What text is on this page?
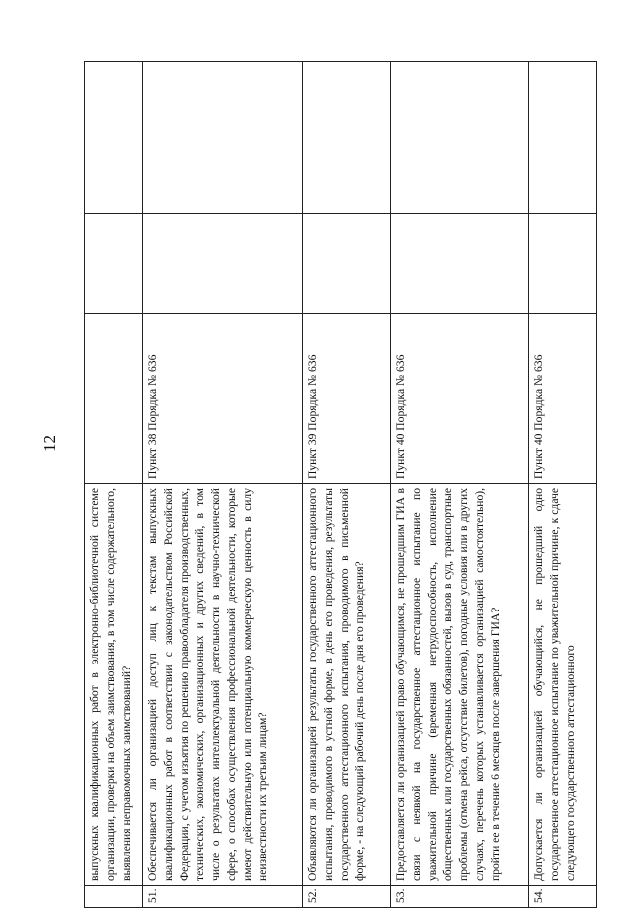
12
	выпускных квалификационных работ в электронно-библиотечной системе организации, проверки на объем заимствования, в том числе содержательного, выявления неправомочных заимствований?			
51.	Обеспечивается ли организацией доступ лиц к текстам выпускных квалификационных работ в соответствии с законодательством Российской Федерации, с учетом изъятия по решению правообладателя производственных, технических, экономических, организационных и других сведений, в том числе о результатах интеллектуальной деятельности в научно-технической сфере, о способах осуществления профессиональной деятельности, которые имеют действительную или потенциальную коммерческую ценность в силу неизвестности их третьим лицам?	Пункт 38 Порядка № 636		
52.	Объявляются ли организацией результаты государственного аттестационного испытания, проводимого в устной форме, в день его проведения, результаты государственного аттестационного испытания, проводимого в письменной форме, - на следующий рабочий день после дня его проведения?	Пункт 39 Порядка № 636		
53.	Предоставляется ли организацией право обучающимся, не прошедшим ГИА в связи с неявкой на государственное аттестационное испытание по уважительной причине (временная нетрудоспособность, исполнение общественных или государственных обязанностей, вызов в суд, транспортные проблемы (отмена рейса, отсутствие билетов), погодные условия или в других случаях, перечень которых устанавливается организацией самостоятельно), пройти ее в течение 6 месяцев после завершения ГИА?	Пункт 40 Порядка № 636		
54.	Допускается ли организацией обучающийся, не прошедший одно государственное аттестационное испытание по уважительной причине, к сдаче следующего государственного аттестационного	Пункт 40 Порядка № 636		
